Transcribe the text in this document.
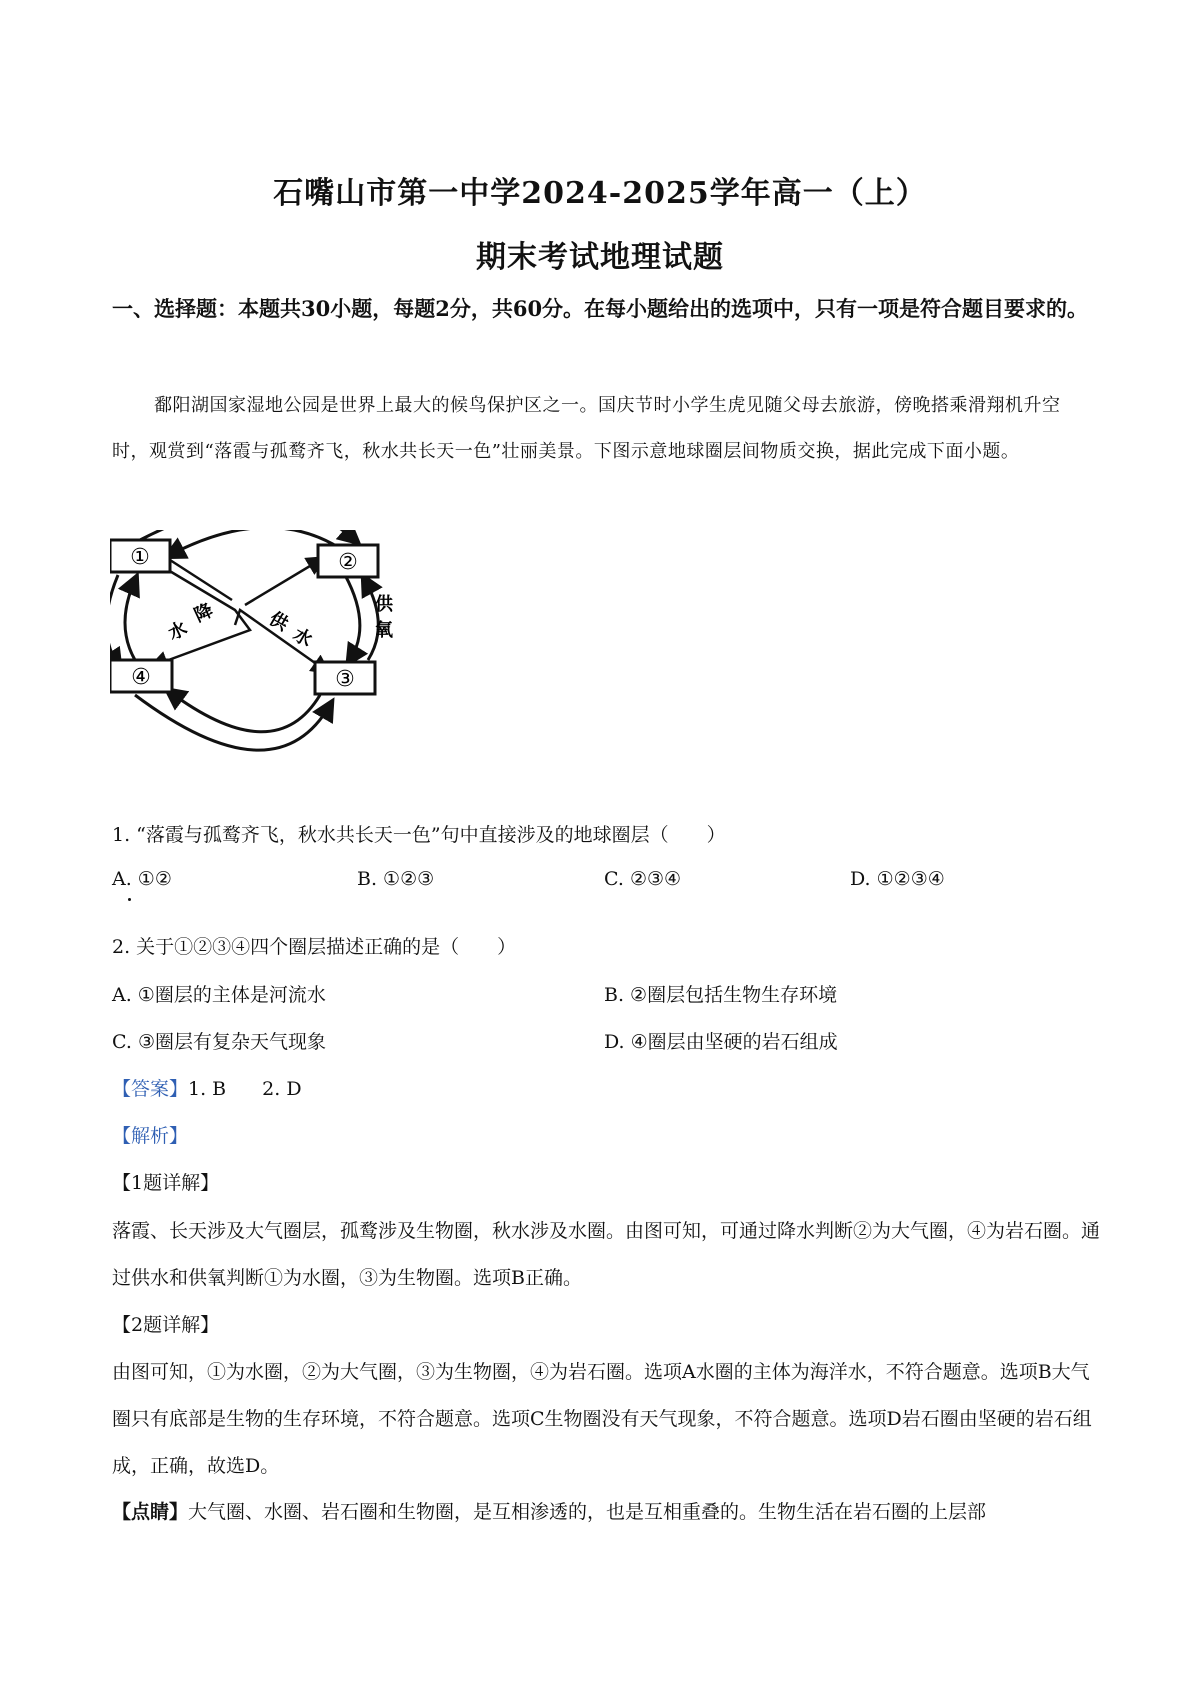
石嘴山市第一中学2024-2025学年高一（上）
期末考试地理试题
一、选择题：本题共30小题，每题2分，共60分。在每小题给出的选项中，只有一项是符合题目要求的。
鄱阳湖国家湿地公园是世界上最大的候鸟保护区之一。国庆节时小学生虎见随父母去旅游，傍晚搭乘滑翔机升空时，观赏到“落霞与孤鹜齐飞，秋水共长天一色”壮丽美景。下图示意地球圈层间物质交换，据此完成下面小题。
①	②
③
④
降
水	供
水
供
氧
1. “落霞与孤鹜齐飞，秋水共长天一色”句中直接涉及的地球圈层（　　）
A. ①②	B. ①②③	C. ②③④	D. ①②③④
2. 关于①②③④四个圈层描述正确的是（　　）
A. ①圈层的主体是河流水	B. ②圈层包括生物生存环境
C. ③圈层有复杂天气现象	D. ④圈层由坚硬的岩石组成
【答案】1. B 2. D
【解析】
【1题详解】
落霞、长天涉及大气圈层，孤鹜涉及生物圈，秋水涉及水圈。由图可知，可通过降水判断②为大气圈，④为岩石圈。通过供水和供氧判断①为水圈，③为生物圈。选项B正确。
【2题详解】
由图可知，①为水圈，②为大气圈，③为生物圈，④为岩石圈。选项A水圈的主体为海洋水，不符合题意。选项B大气圈只有底部是生物的生存环境，不符合题意。选项C生物圈没有天气现象，不符合题意。选项D岩石圈由坚硬的岩石组成，正确，故选D。
【点睛】大气圈、水圈、岩石圈和生物圈，是互相渗透的，也是互相重叠的。生物生活在岩石圈的上层部
